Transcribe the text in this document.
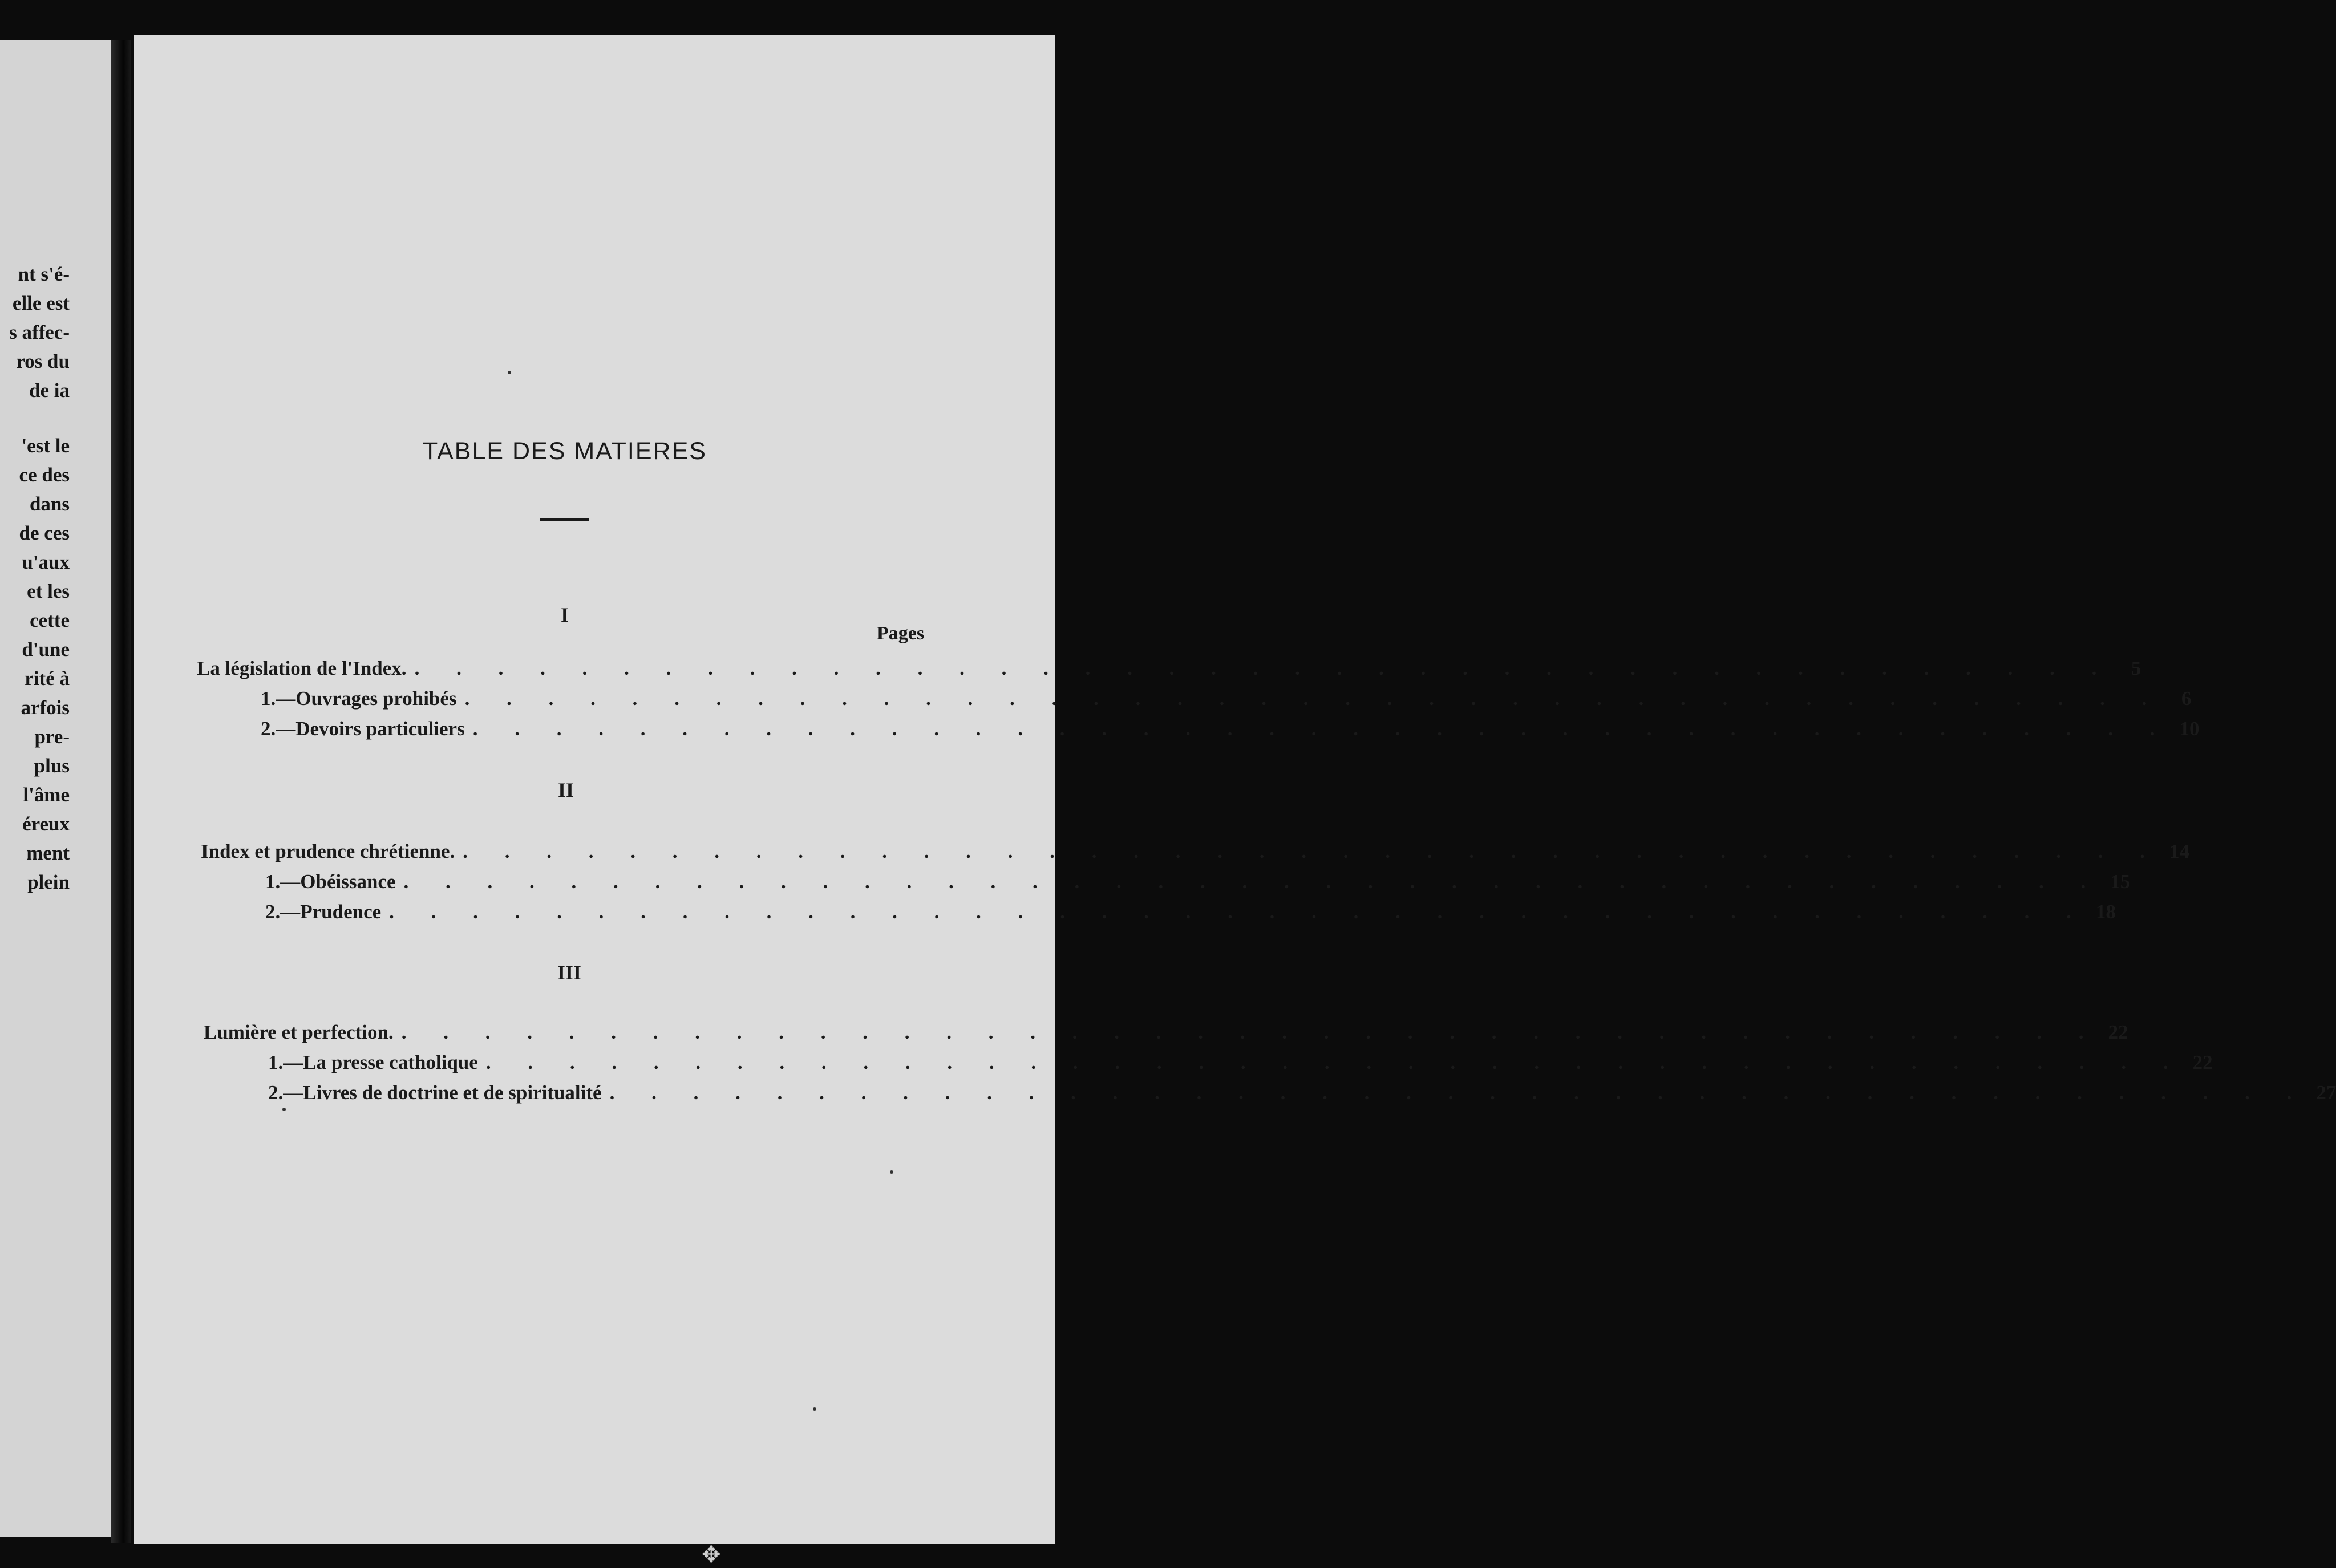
nt s'é-
elle est
s affec-
ros du
de ia
'est le
ce des
dans
de ces
u'aux
et les
cette
d'une
rité à
arfois
pre-
plus
l'âme
éreux
ment
plein
TABLE DES MATIERES
I
Pages
La législation de l'Index. . . . . . . . . . . . . . . . . . . . . . . . . . . . . . . . . . . . . . . . . . 5
1.—Ouvrages prohibés . . . . . . . . . . . . . . . . . . . . . . . . . . . . . . . . . . . . . . . . . 6
2.—Devoirs particuliers . . . . . . . . . . . . . . . . . . . . . . . . . . . . . . . . . . . . . . . . . 10
II
Index et prudence chrétienne. . . . . . . . . . . . . . . . . . . . . . . . . . . . . . . . . . . . . . . . . . 14
1.—Obéissance . . . . . . . . . . . . . . . . . . . . . . . . . . . . . . . . . . . . . . . . . 15
2.—Prudence . . . . . . . . . . . . . . . . . . . . . . . . . . . . . . . . . . . . . . . . . 18
III
Lumière et perfection. . . . . . . . . . . . . . . . . . . . . . . . . . . . . . . . . . . . . . . . . . 22
1.—La presse catholique . . . . . . . . . . . . . . . . . . . . . . . . . . . . . . . . . . . . . . . . . 22
2.—Livres de doctrine et de spiritualité . . . . . . . . . . . . . . . . . . . . . . . . . . . . . . . . . . . . . . . . . 27
✥
